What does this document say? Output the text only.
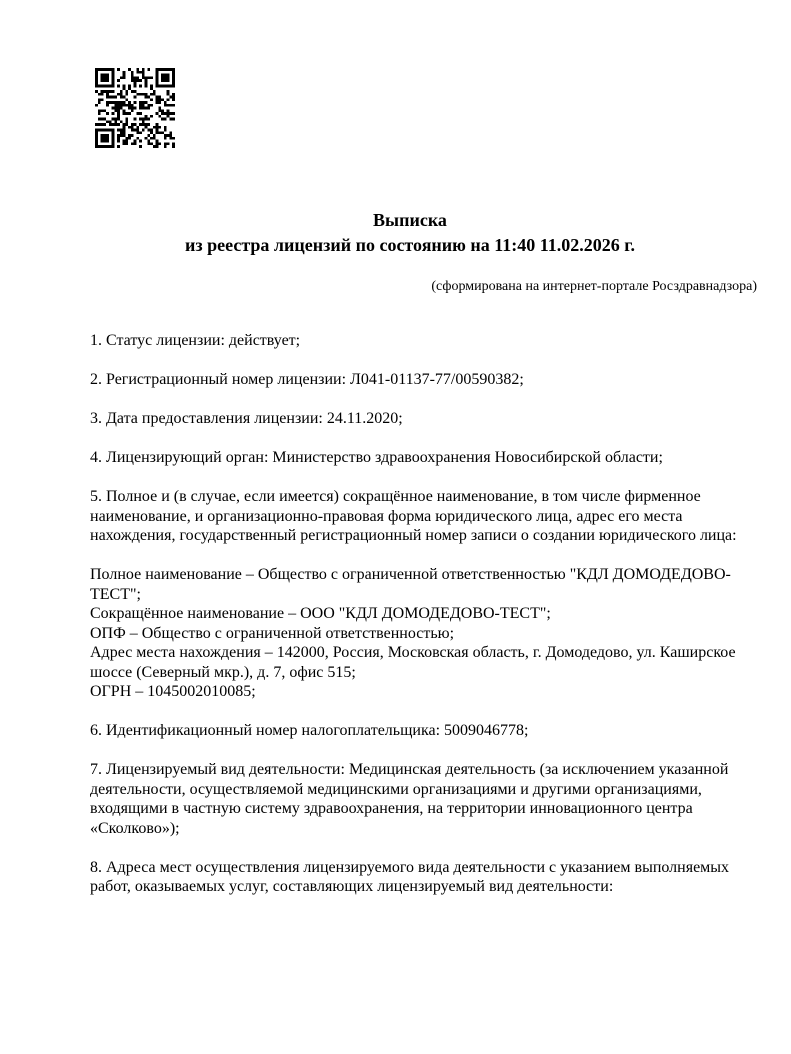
Выписка
из реестра лицензий по состоянию на 11:40 11.02.2026 г.
(сформирована на интернет-портале Росздравнадзора)

1. Статус лицензии: действует;

2. Регистрационный номер лицензии: Л041-01137-77/00590382;

3. Дата предоставления лицензии: 24.11.2020;

4. Лицензирующий орган: Министерство здравоохранения Новосибирской области;

5. Полное и (в случае, если имеется) сокращённое наименование, в том числе фирменное наименование, и организационно-правовая форма юридического лица, адрес его места нахождения, государственный регистрационный номер записи о создании юридического лица:

Полное наименование – Общество с ограниченной ответственностью "КДЛ ДОМОДЕДОВО-ТЕСТ";

Сокращённое наименование – ООО "КДЛ ДОМОДЕДОВО-ТЕСТ";

ОПФ – Общество с ограниченной ответственностью;

Адрес места нахождения – 142000, Россия, Московская область, г. Домодедово, ул. Каширское шоссе (Северный мкр.), д. 7, офис 515;

ОГРН – 1045002010085;

6. Идентификационный номер налогоплательщика: 5009046778;

7. Лицензируемый вид деятельности: Медицинская деятельность (за исключением указанной деятельности, осуществляемой медицинскими организациями и другими организациями, входящими в частную систему здравоохранения, на территории инновационного центра «Сколково»);

8. Адреса мест осуществления лицензируемого вида деятельности с указанием выполняемых работ, оказываемых услуг, составляющих лицензируемый вид деятельности:
